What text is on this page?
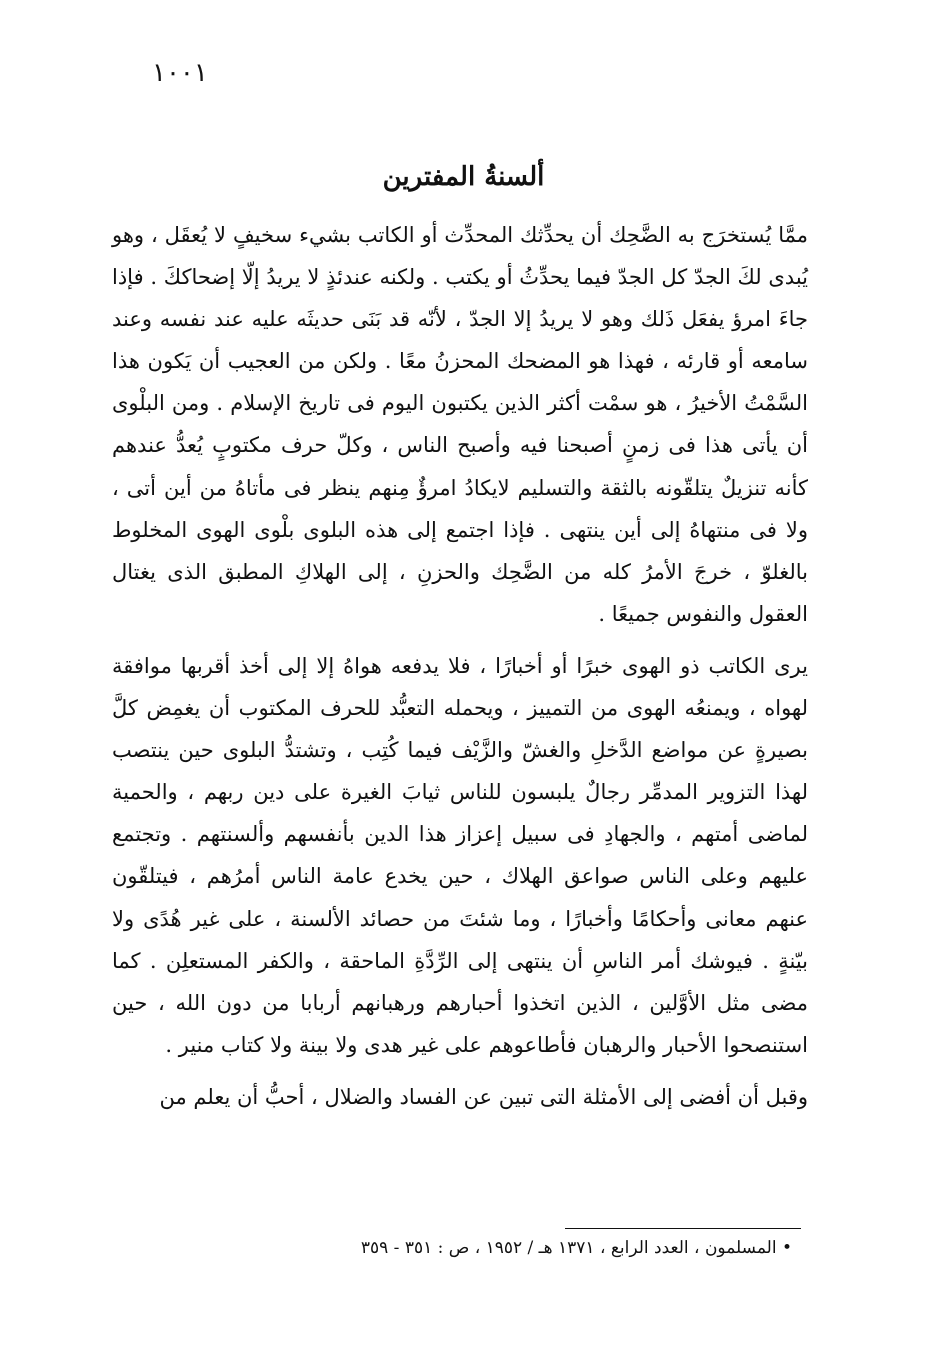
١٠٠١
ألسنةُ المفترين

ممَّا يُستخرَج به الضَّحِك أن يحدِّثك المحدِّث أو الكاتب بشيء سخيفٍ لا يُعقَل ، وهو يُبدى لكَ الجدّ كل الجدّ فيما يحدِّثُ أو يكتب . ولكنه عندئذٍ لا يريدُ إلّا إضحاككَ . فإذا جاءَ امرؤ يفعَل ذَلك وهو لا يريدُ إلا الجدّ ، لأنّه قد بَنَى حديثَه عليه عند نفسه وعند سامعه أو قارئه ، فهذا هو المضحك المحزنُ معًا . ولكن من العجيب أن يَكون هذا السَّمْتُ الأخيرُ ، هو سمْت أكثر الذين يكتبون اليوم فى تاريخ الإسلام . ومن البلْوى أن يأتى هذا فى زمنٍ أصبحنا فيه وأصبح الناس ، وكلّ حرف مكتوبٍ يُعدُّ عندهم كأنه تنزيلٌ يتلقّونه بالثقة والتسليم لايكادُ امرؤٌ مِنهم ينظر فى مأتاهُ من أين أتى ، ولا فى منتهاهُ إلى أين ينتهى . فإذا اجتمع إلى هذه البلوى بلْوى الهوى المخلوط بالغلوّ ، خرجَ الأمرُ كله من الضَّحِك والحزنِ ، إلى الهلاكِ المطبق الذى يغتال العقول والنفوس جميعًا .

يرى الكاتب ذو الهوى خبرًا أو أخبارًا ، فلا يدفعه هواهُ إلا إلى أخذ أقربها موافقة لهواه ، ويمنعُه الهوى من التمييز ، ويحمله التعبُّد للحرف المكتوب أن يغمِض كلَّ بصيرةٍ عن مواضع الدَّخلِ والغشّ والزَّيْف فيما كُتِب ، وتشتدُّ البلوى حين ينتصب لهذا التزوير المدمِّر رجالٌ يلبسون للناس ثيابَ الغيرة على دين ربهم ، والحمية لماضى أمتهم ، والجهادِ فى سبيل إعزاز هذا الدين بأنفسهم وألسنتهم . وتجتمع عليهم وعلى الناس صواعق الهلاك ، حين يخدع عامة الناس أمرُهم ، فيتلقّون عنهم معانى وأحكامًا وأخبارًا ، وما شئتَ من حصائد الألسنة ، على غير هُدًى ولا بيّنةٍ . فيوشك أمر الناسِ أن ينتهى إلى الرِّدَّةِ الماحقة ، والكفر المستعلِن . كما مضى مثل الأوَّلين ، الذين اتخذوا أحبارهم ورهبانهم أربابا من دون الله ، حين استنصحوا الأحبار والرهبان فأطاعوهم على غير هدى ولا بينة ولا كتاب منير .

وقبل أن أفضى إلى الأمثلة التى تبين عن الفساد والضلال ، أحبُّ أن يعلم من

• المسلمون ، العدد الرابع ، ١٣٧١ هـ / ١٩٥٢ ، ص : ٣٥١ - ٣٥٩
